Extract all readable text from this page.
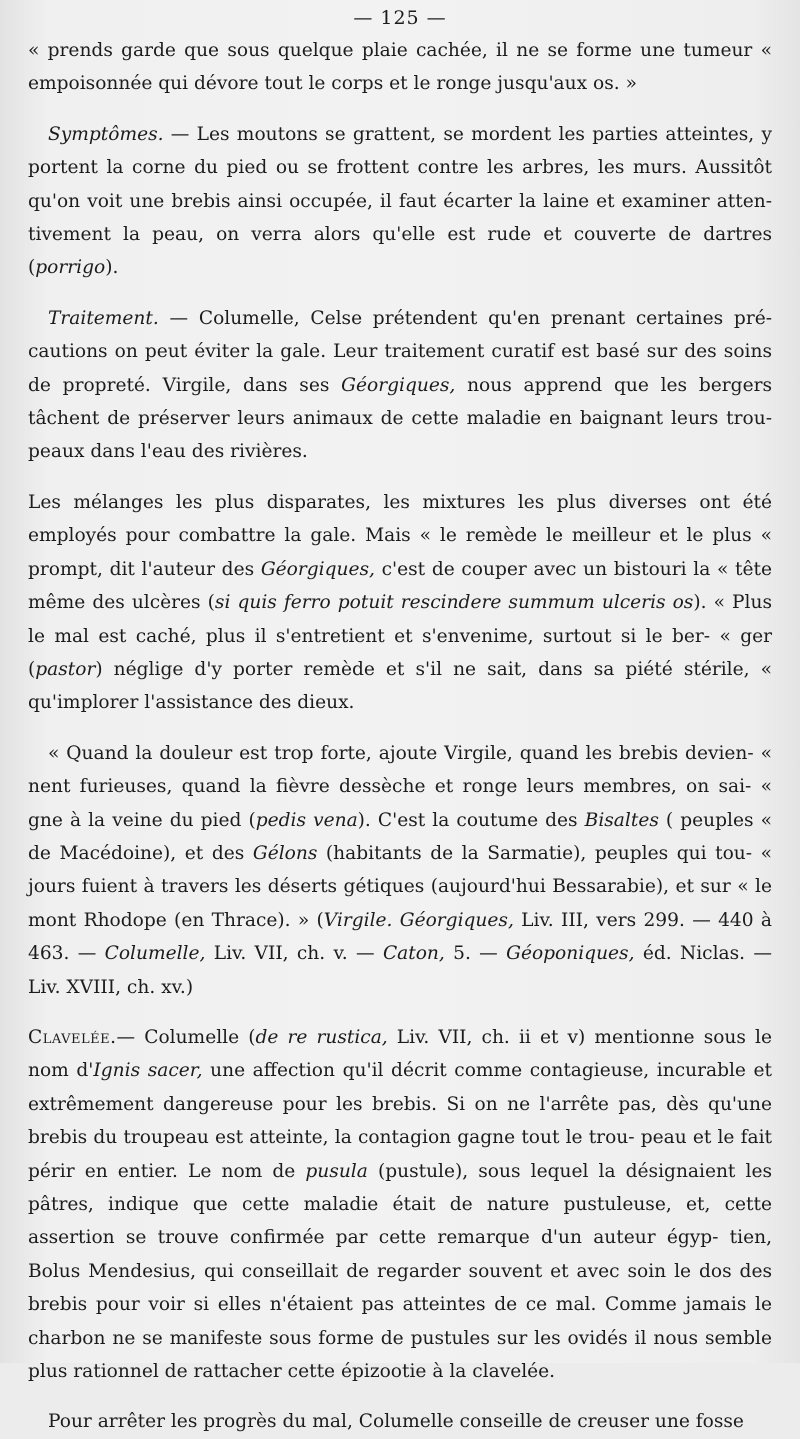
— 125 —

« prends garde que sous quelque plaie cachée, il ne se forme une tumeur « empoisonnée qui dévore tout le corps et le ronge jusqu'aux os. »

Symptômes. — Les moutons se grattent, se mordent les parties atteintes, y portent la corne du pied ou se frottent contre les arbres, les murs. Aussitôt qu'on voit une brebis ainsi occupée, il faut écarter la laine et examiner atten- tivement la peau, on verra alors qu'elle est rude et couverte de dartres (porrigo).

Traitement. — Columelle, Celse prétendent qu'en prenant certaines pré- cautions on peut éviter la gale. Leur traitement curatif est basé sur des soins de propreté. Virgile, dans ses Géorgiques, nous apprend que les bergers tâchent de préserver leurs animaux de cette maladie en baignant leurs trou- peaux dans l'eau des rivières.

Les mélanges les plus disparates, les mixtures les plus diverses ont été employés pour combattre la gale. Mais « le remède le meilleur et le plus « prompt, dit l'auteur des Géorgiques, c'est de couper avec un bistouri la « tête même des ulcères (si quis ferro potuit rescindere summum ulceris os). « Plus le mal est caché, plus il s'entretient et s'envenime, surtout si le ber- « ger (pastor) néglige d'y porter remède et s'il ne sait, dans sa piété stérile, « qu'implorer l'assistance des dieux.

« Quand la douleur est trop forte, ajoute Virgile, quand les brebis devien- « nent furieuses, quand la fièvre dessèche et ronge leurs membres, on sai- « gne à la veine du pied (pedis vena). C'est la coutume des Bisaltes ( peuples « de Macédoine), et des Gélons (habitants de la Sarmatie), peuples qui tou- « jours fuient à travers les déserts gétiques (aujourd'hui Bessarabie), et sur « le mont Rhodope (en Thrace). » (Virgile. Géorgiques, Liv. III, vers 299. — 440 à 463. — Columelle, Liv. VII, ch. v. — Caton, 5. — Géoponiques, éd. Niclas. — Liv. XVIII, ch. xv.)

Clavelée.— Columelle (de re rustica, Liv. VII, ch. ii et v) mentionne sous le nom d'Ignis sacer, une affection qu'il décrit comme contagieuse, incurable et extrêmement dangereuse pour les brebis. Si on ne l'arrête pas, dès qu'une brebis du troupeau est atteinte, la contagion gagne tout le trou- peau et le fait périr en entier. Le nom de pusula (pustule), sous lequel la désignaient les pâtres, indique que cette maladie était de nature pustuleuse, et, cette assertion se trouve confirmée par cette remarque d'un auteur égyp- tien, Bolus Mendesius, qui conseillait de regarder souvent et avec soin le dos des brebis pour voir si elles n'étaient pas atteintes de ce mal. Comme jamais le charbon ne se manifeste sous forme de pustules sur les ovidés il nous semble plus rationnel de rattacher cette épizootie à la clavelée.

Pour arrêter les progrès du mal, Columelle conseille de creuser une fosse
